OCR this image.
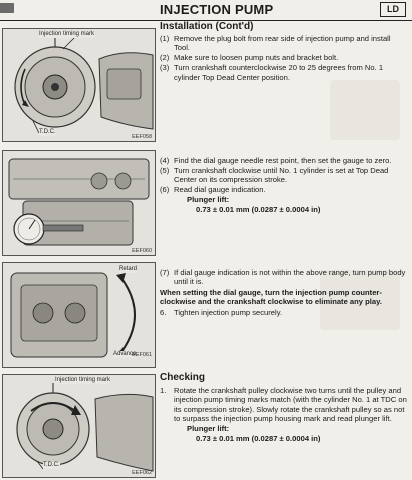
INJECTION PUMP	LD
Injection timing mark
T.D.C.
EEF058
EEF060
Retard
Advance
EEF061
Injection timing mark
T.D.C.
EEF062
Installation (Cont'd)
(1) Remove the plug bolt from rear side of injection pump and install Tool.
(2) Make sure to loosen pump nuts and bracket bolt.
(3) Turn crankshaft counterclockwise 20 to 25 degrees from No. 1 cylinder Top Dead Center position.
(4) Find the dial gauge needle rest point, then set the gauge to zero.
(5) Turn crankshaft clockwise until No. 1 cylinder is set at Top Dead Center on its compression stroke.
(6) Read dial gauge indication.
Plunger lift:
0.73 ± 0.01 mm (0.0287 ± 0.0004 in)
(7) If dial gauge indication is not within the above range, turn pump body until it is.
When setting the dial gauge, turn the injection pump counter-clockwise and the crankshaft clockwise to eliminate any play.
6.	Tighten injection pump securely.
Checking
1.	Rotate the crankshaft pulley clockwise two turns until the pulley and injection pump timing marks match (with the cylinder No. 1 at TDC on its compression stroke). Slowly rotate the crankshaft pulley so as not to surpass the injection pump housing mark and read plunger lift.
Plunger lift:
0.73 ± 0.01 mm (0.0287 ± 0.0004 in)
